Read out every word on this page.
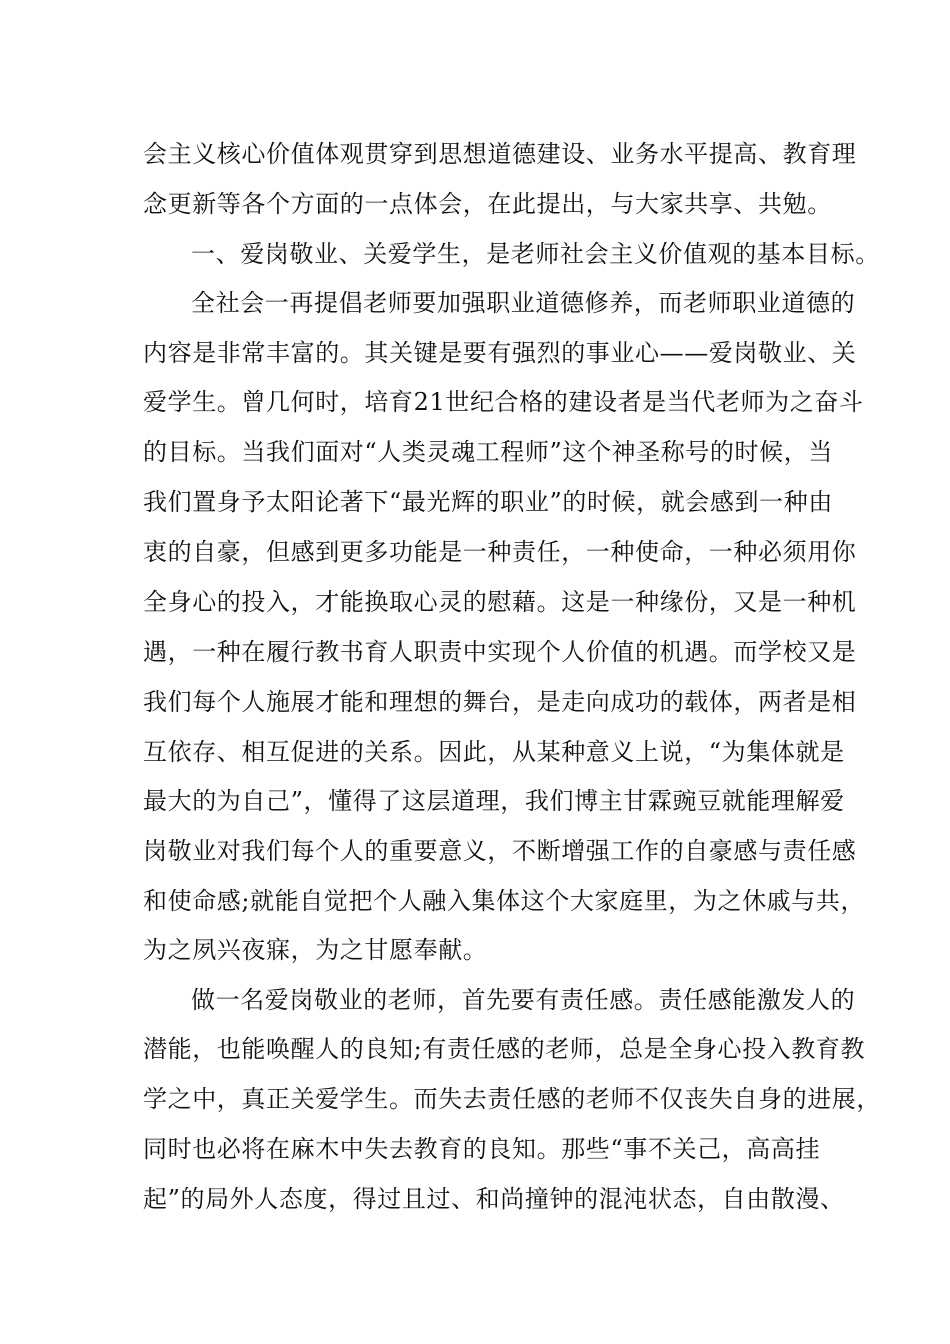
会主义核心价值体观贯穿到思想道德建设、业务水平提高、教育理
念更新等各个方面的一点体会，在此提出，与大家共享、共勉。
一、爱岗敬业、关爱学生，是老师社会主义价值观的基本目标。
全社会一再提倡老师要加强职业道德修养，而老师职业道德的
内容是非常丰富的。其关键是要有强烈的事业心——爱岗敬业、关
爱学生。曾几何时，培育21世纪合格的建设者是当代老师为之奋斗
的目标。当我们面对“人类灵魂工程师”这个神圣称号的时候，当
我们置身予太阳论著下“最光辉的职业”的时候，就会感到一种由
衷的自豪，但感到更多功能是一种责任，一种使命，一种必须用你
全身心的投入，才能换取心灵的慰藉。这是一种缘份，又是一种机
遇，一种在履行教书育人职责中实现个人价值的机遇。而学校又是
我们每个人施展才能和理想的舞台，是走向成功的载体，两者是相
互依存、相互促进的关系。因此，从某种意义上说，“为集体就是
最大的为自己”，懂得了这层道理，我们博主甘霖豌豆就能理解爱
岗敬业对我们每个人的重要意义，不断增强工作的自豪感与责任感
和使命感;就能自觉把个人融入集体这个大家庭里，为之休戚与共，
为之夙兴夜寐，为之甘愿奉献。
做一名爱岗敬业的老师，首先要有责任感。责任感能激发人的
潜能，也能唤醒人的良知;有责任感的老师，总是全身心投入教育教
学之中，真正关爱学生。而失去责任感的老师不仅丧失自身的进展，
同时也必将在麻木中失去教育的良知。那些“事不关己，高高挂
起”的局外人态度，得过且过、和尚撞钟的混沌状态，自由散漫、
